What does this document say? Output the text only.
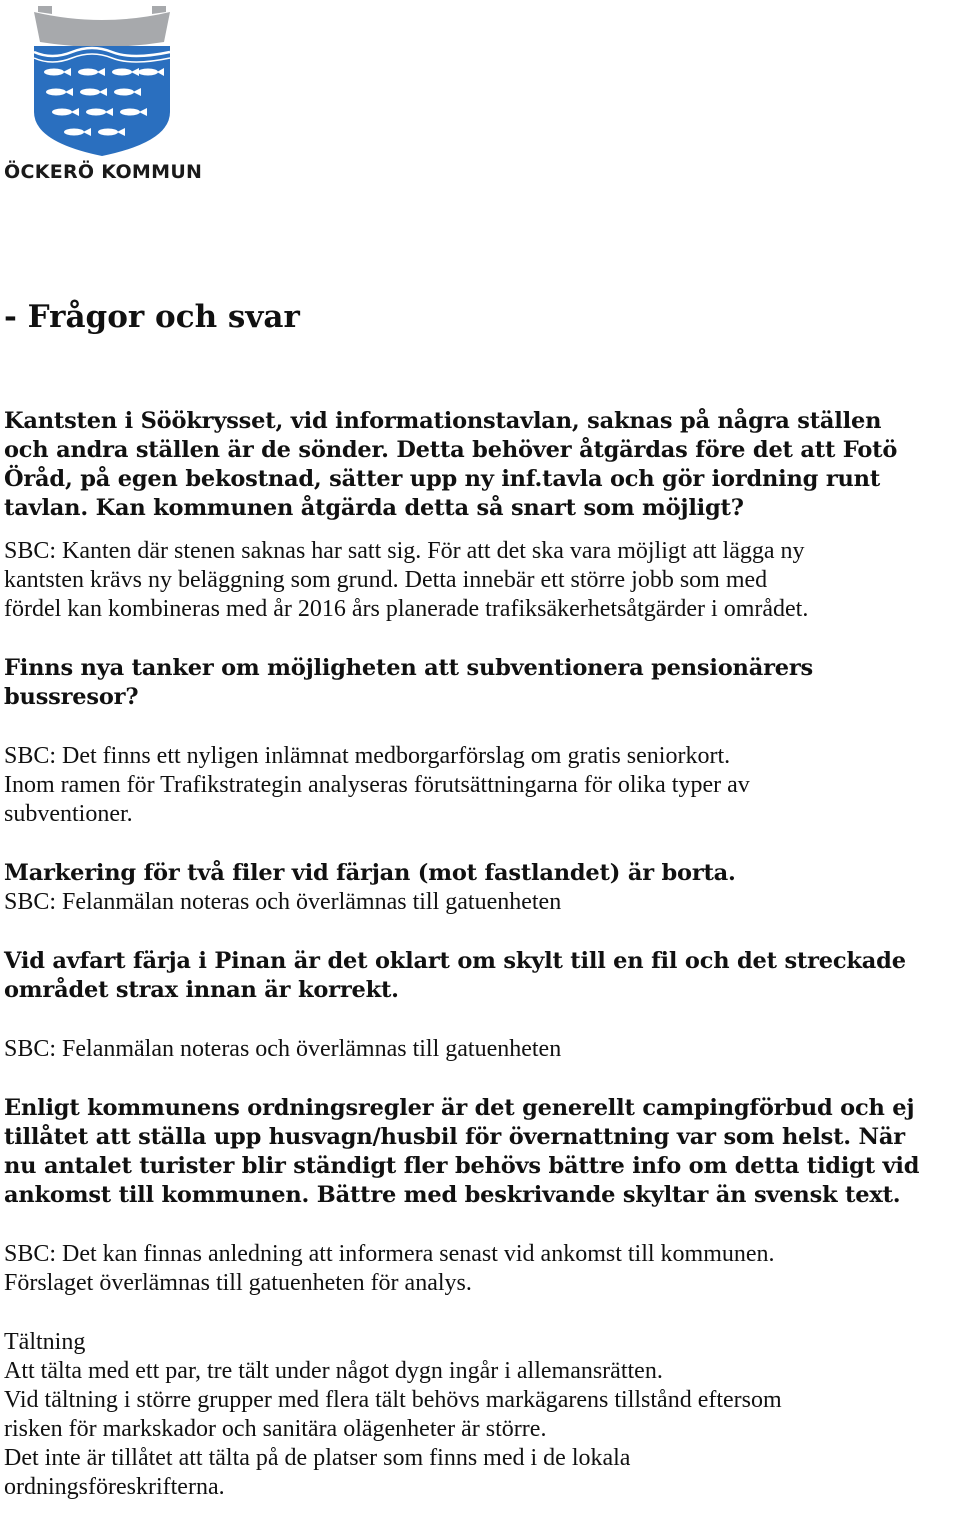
ÖCKERÖ KOMMUN
- Frågor och svar
Kantsten i Söökrysset, vid informationstavlan, saknas på några ställen
och andra ställen är de sönder. Detta behöver åtgärdas före det att Fotö
Öråd, på egen bekostnad, sätter upp ny inf.tavla och gör iordning runt
tavlan. Kan kommunen åtgärda detta så snart som möjligt?
SBC: Kanten där stenen saknas har satt sig. För att det ska vara möjligt att lägga ny
kantsten krävs ny beläggning som grund. Detta innebär ett större jobb som med
fördel kan kombineras med år 2016 års planerade trafiksäkerhetsåtgärder i området.
Finns nya tanker om möjligheten att subventionera pensionärers
bussresor?
SBC: Det finns ett nyligen inlämnat medborgarförslag om gratis seniorkort.
Inom ramen för Trafikstrategin analyseras förutsättningarna för olika typer av
subventioner.
Markering för två filer vid färjan (mot fastlandet) är borta.
SBC: Felanmälan noteras och överlämnas till gatuenheten
Vid avfart färja i Pinan är det oklart om skylt till en fil och det streckade
området strax innan är korrekt.
SBC: Felanmälan noteras och överlämnas till gatuenheten
Enligt kommunens ordningsregler är det generellt campingförbud och ej
tillåtet att ställa upp husvagn/husbil för övernattning var som helst. När
nu antalet turister blir ständigt fler behövs bättre info om detta tidigt vid
ankomst till kommunen. Bättre med beskrivande skyltar än svensk text.
SBC: Det kan finnas anledning att informera senast vid ankomst till kommunen.
Förslaget överlämnas till gatuenheten för analys.
Tältning
Att tälta med ett par, tre tält under något dygn ingår i allemansrätten.
Vid tältning i större grupper med flera tält behövs markägarens tillstånd eftersom
risken för markskador och sanitära olägenheter är större.
Det inte är tillåtet att tälta på de platser som finns med i de lokala
ordningsföreskrifterna.
